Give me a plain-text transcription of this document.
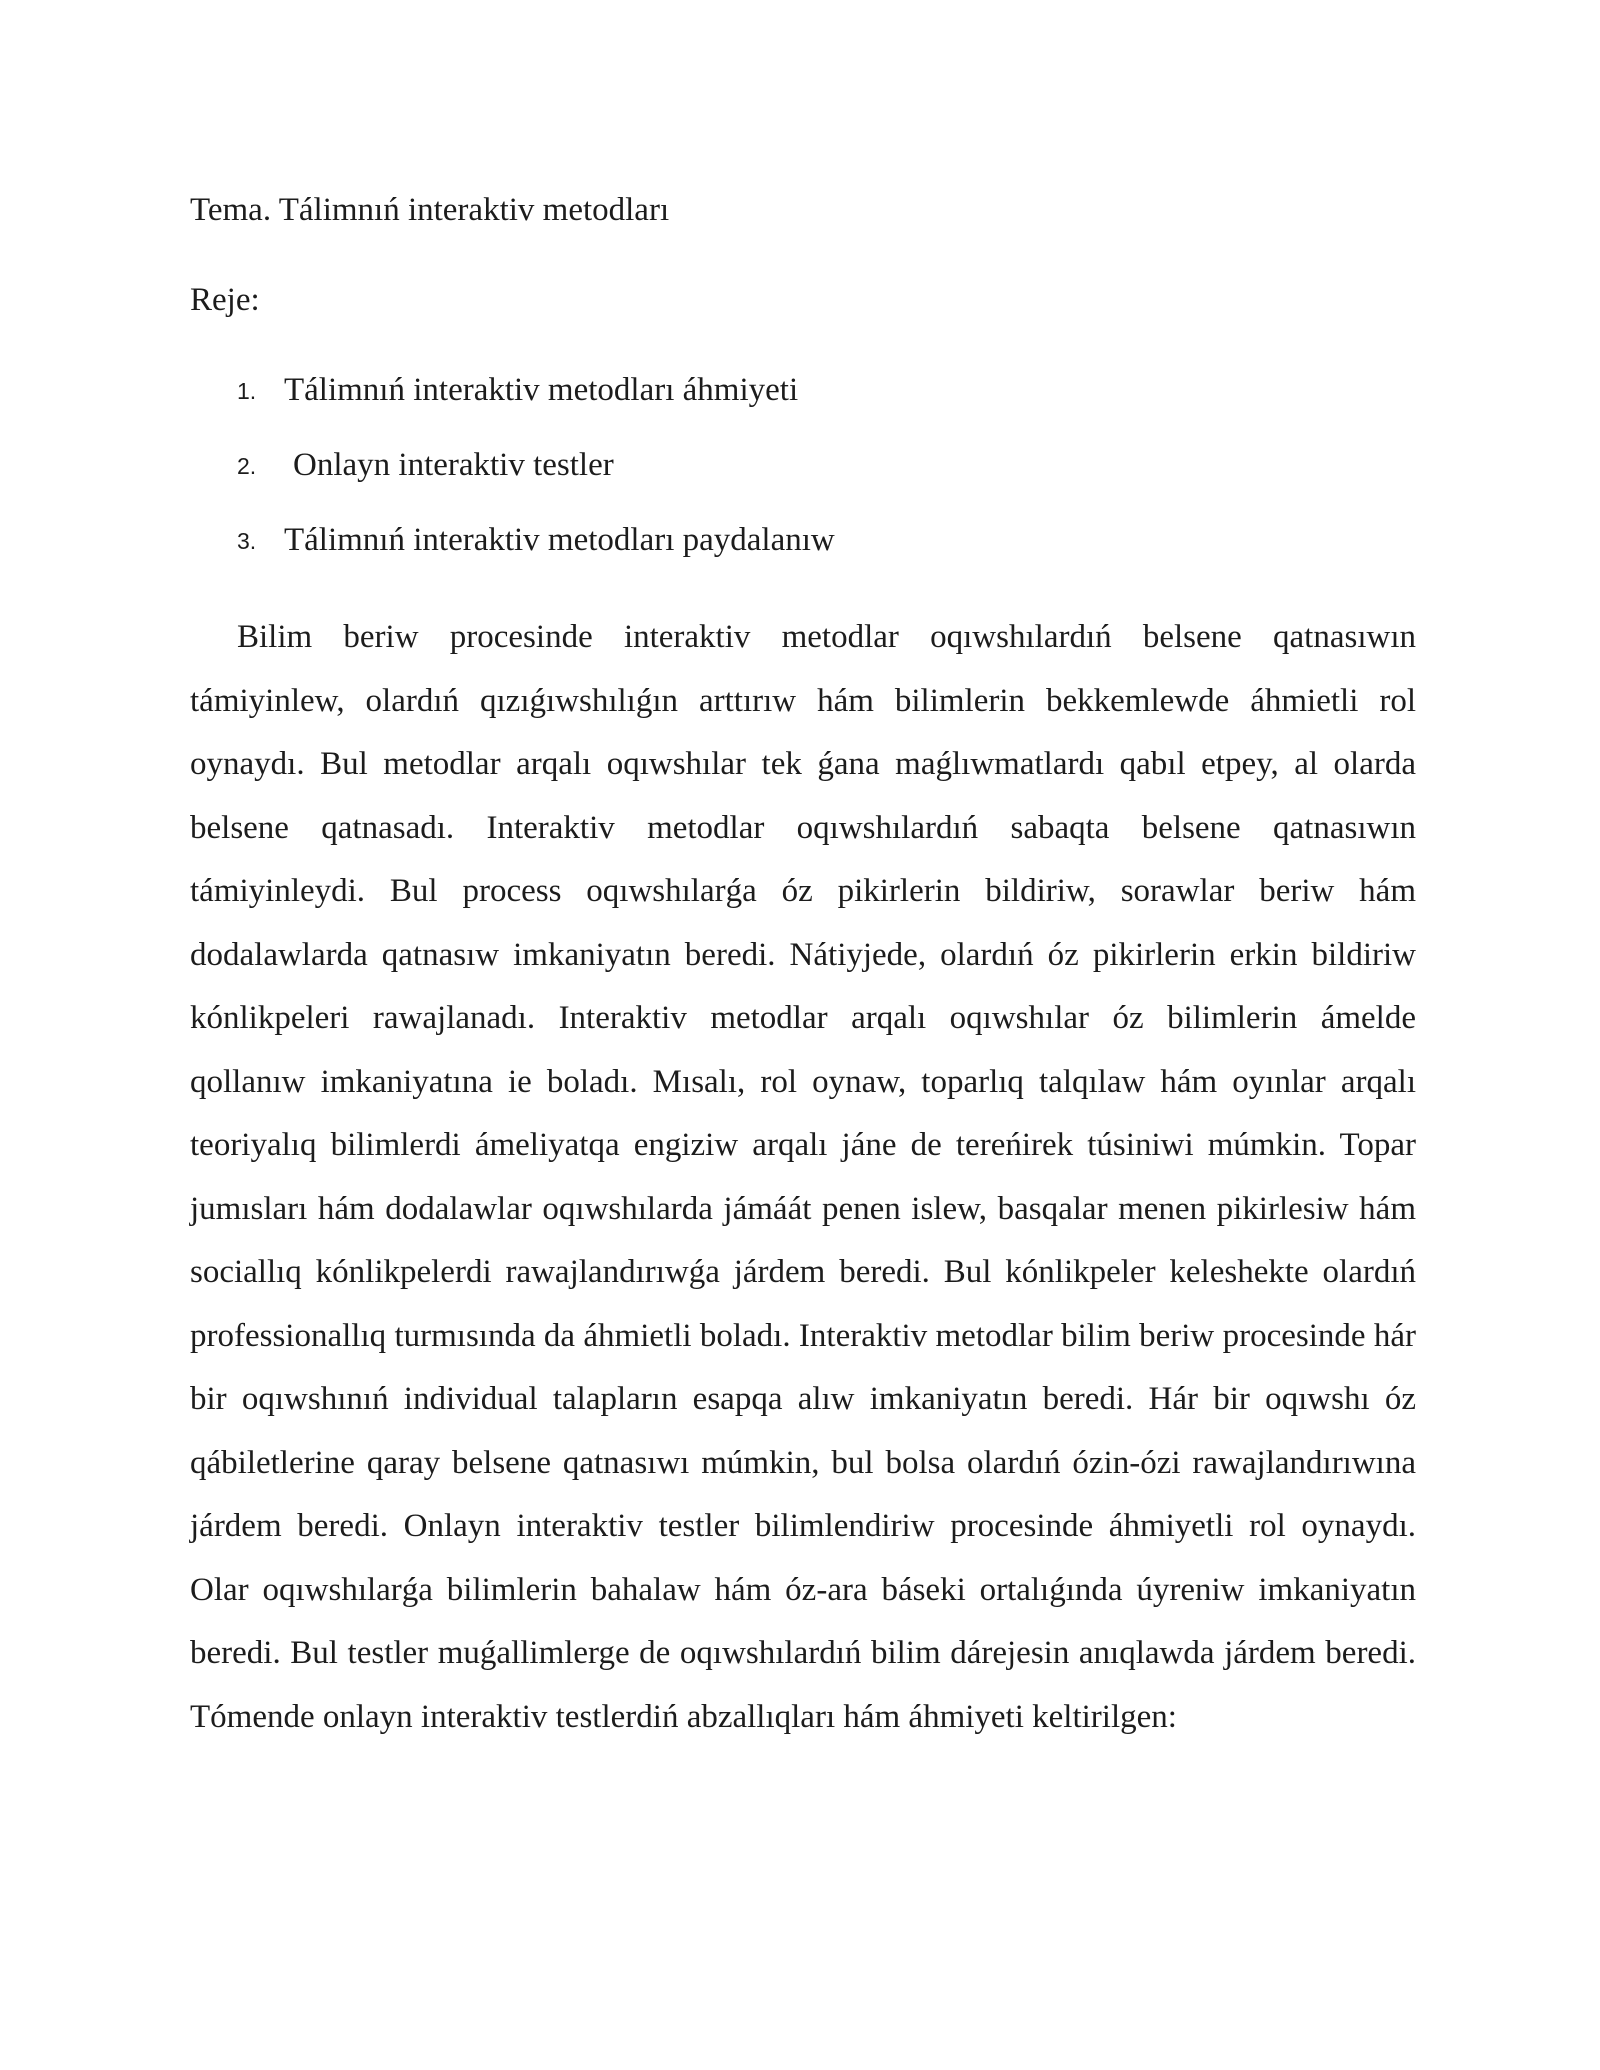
Tema. Tálimnıń interaktiv metodları
Reje:
1. Tálimnıń interaktiv metodları áhmiyeti
2. Onlayn interaktiv testler
3. Tálimnıń interaktiv metodları paydalanıw

Bilim beriw procesinde interaktiv metodlar oqıwshılardıń belsene qatnasıwın támiyinlew, olardıń qızıǵıwshılıǵın arttırıw hám bilimlerin bekkemlewde áhmietli rol oynaydı. Bul metodlar arqalı oqıwshılar tek ǵana maǵlıwmatlardı qabıl etpey, al olarda belsene qatnasadı. Interaktiv metodlar oqıwshılardıń sabaqta belsene qatnasıwın támiyinleydi. Bul process oqıwshılarǵa óz pikirlerin bildiriw, sorawlar beriw hám dodalawlarda qatnasıw imkaniyatın beredi. Nátiyjede, olardıń óz pikirlerin erkin bildiriw kónlikpeleri rawajlanadı. Interaktiv metodlar arqalı oqıwshılar óz bilimlerin ámelde qollanıw imkaniyatına ie boladı. Mısalı, rol oynaw, toparlıq talqılaw hám oyınlar arqalı teoriyalıq bilimlerdi ámeliyatqa engiziw arqalı jáne de tereńirek túsiniwi múmkin. Topar jumısları hám dodalawlar oqıwshılarda jámáát penen islew, basqalar menen pikirlesiw hám sociallıq kónlikpelerdi rawajlandırıwǵa járdem beredi. Bul kónlikpeler keleshekte olardıń professionallıq turmısında da áhmietli boladı. Interaktiv metodlar bilim beriw procesinde hár bir oqıwshınıń individual talapların esapqa alıw imkaniyatın beredi. Hár bir oqıwshı óz qábiletlerine qaray belsene qatnasıwı múmkin, bul bolsa olardıń ózin-ózi rawajlandırıwına járdem beredi. Onlayn interaktiv testler bilimlendiriw procesinde áhmiyetli rol oynaydı. Olar oqıwshılarǵa bilimlerin bahalaw hám óz-ara báseki ortalıǵında úyreniw imkaniyatın beredi. Bul testler muǵallimlerge de oqıwshılardıń bilim dárejesin anıqlawda járdem beredi. Tómende onlayn interaktiv testlerdiń abzallıqları hám áhmiyeti keltirilgen:
